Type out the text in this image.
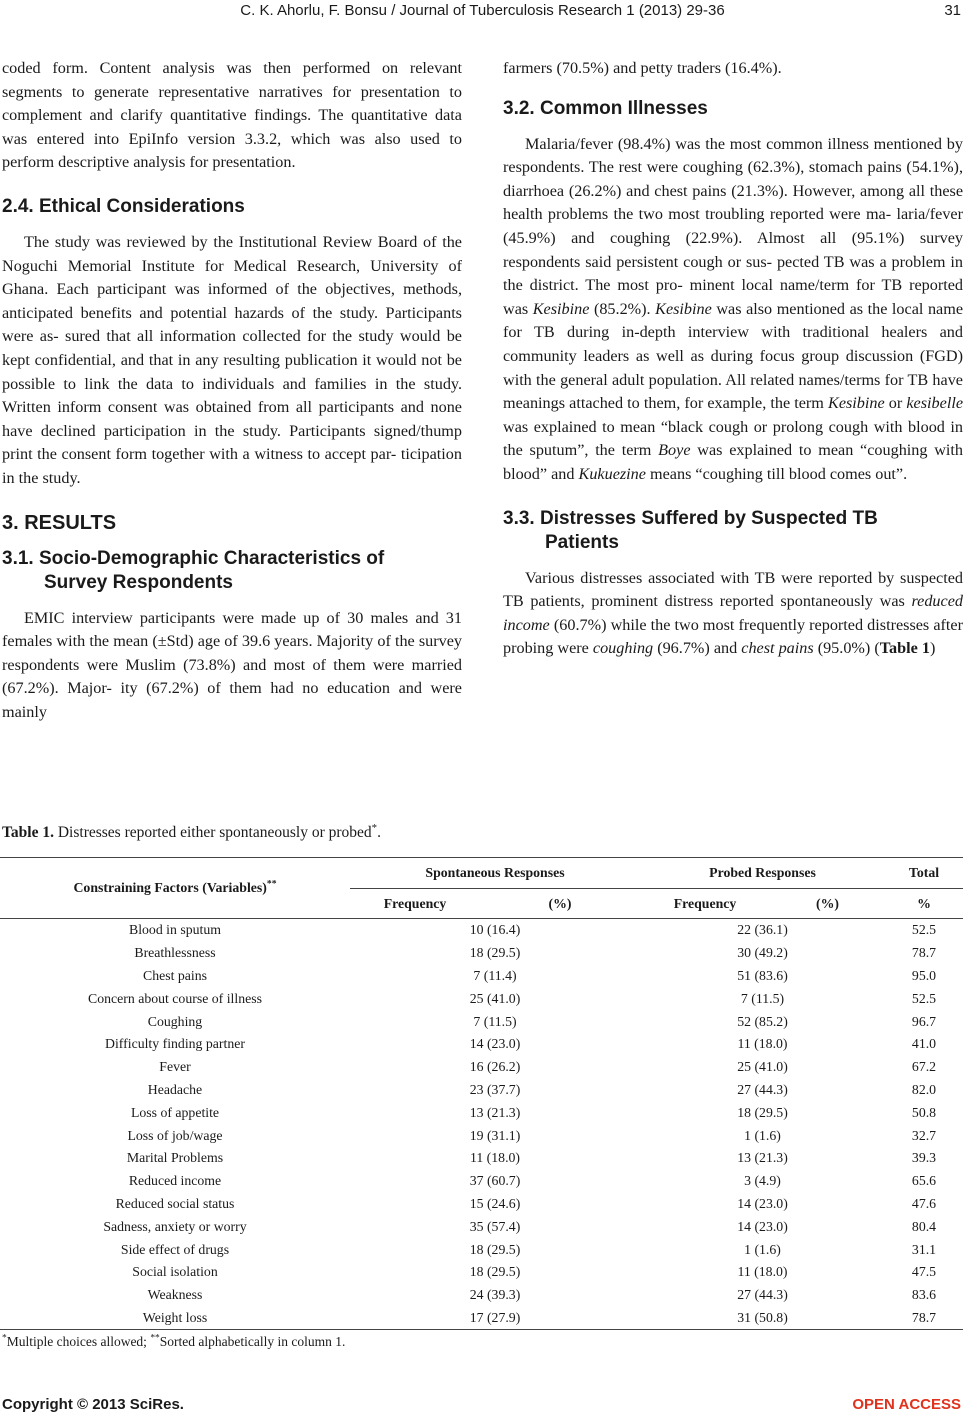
C. K. Ahorlu, F. Bonsu / Journal of Tuberculosis Research 1 (2013) 29-36	31

coded form. Content analysis was then performed on relevant segments to generate representative narratives for presentation to complement and clarify quantitative findings. The quantitative data was entered into EpiInfo version 3.3.2, which was also used to perform descriptive analysis for presentation.

2.4. Ethical Considerations

The study was reviewed by the Institutional Review Board of the Noguchi Memorial Institute for Medical Research, University of Ghana. Each participant was informed of the objectives, methods, anticipated benefits and potential hazards of the study. Participants were as- sured that all information collected for the study would be kept confidential, and that in any resulting publication it would not be possible to link the data to individuals and families in the study. Written inform consent was obtained from all participants and none have declined participation in the study. Participants signed/thump print the consent form together with a witness to accept par- ticipation in the study.

3. RESULTS
3.1. Socio-Demographic Characteristics of
Survey Respondents

EMIC interview participants were made up of 30 males and 31 females with the mean (±Std) age of 39.6 years. Majority of the survey respondents were Muslim (73.8%) and most of them were married (67.2%). Major- ity (67.2%) of them had no education and were mainly

farmers (70.5%) and petty traders (16.4%).

3.2. Common Illnesses

Malaria/fever (98.4%) was the most common illness mentioned by respondents. The rest were coughing (62.3%), stomach pains (54.1%), diarrhoea (26.2%) and chest pains (21.3%). However, among all these health problems the two most troubling reported were ma- laria/fever (45.9%) and coughing (22.9%). Almost all (95.1%) survey respondents said persistent cough or sus- pected TB was a problem in the district. The most pro- minent local name/term for TB reported was Kesibine (85.2%). Kesibine was also mentioned as the local name for TB during in-depth interview with traditional healers and community leaders as well as during focus group discussion (FGD) with the general adult population. All related names/terms for TB have meanings attached to them, for example, the term Kesibine or kesibelle was explained to mean “black cough or prolong cough with blood in the sputum”, the term Boye was explained to mean “coughing with blood” and Kukuezine means “coughing till blood comes out”.

3.3. Distresses Suffered by Suspected TB
Patients

Various distresses associated with TB were reported by suspected TB patients, prominent distress reported spontaneously was reduced income (60.7%) while the two most frequently reported distresses after probing were coughing (96.7%) and chest pains (95.0%) (Table 1)

Table 1. Distresses reported either spontaneously or probed*.
Constraining Factors (Variables)**	Spontaneous Responses		Probed Responses		Total
	Frequency	(%)	Frequency	(%)	%
Blood in sputum	10 (16.4)		22 (36.1)		52.5
Breathlessness	18 (29.5)		30 (49.2)		78.7
Chest pains	7 (11.4)		51 (83.6)		95.0
Concern about course of illness	25 (41.0)		7 (11.5)		52.5
Coughing	7 (11.5)		52 (85.2)		96.7
Difficulty finding partner	14 (23.0)		11 (18.0)		41.0
Fever	16 (26.2)		25 (41.0)		67.2
Headache	23 (37.7)		27 (44.3)		82.0
Loss of appetite	13 (21.3)		18 (29.5)		50.8
Loss of job/wage	19 (31.1)		1 (1.6)		32.7
Marital Problems	11 (18.0)		13 (21.3)		39.3
Reduced income	37 (60.7)		3 (4.9)		65.6
Reduced social status	15 (24.6)		14 (23.0)		47.6
Sadness, anxiety or worry	35 (57.4)		14 (23.0)		80.4
Side effect of drugs	18 (29.5)		1 (1.6)		31.1
Social isolation	18 (29.5)		11 (18.0)		47.5
Weakness	24 (39.3)		27 (44.3)		83.6
Weight loss	17 (27.9)		31 (50.8)		78.7
*Multiple choices allowed; **Sorted alphabetically in column 1.
Copyright © 2013 SciRes.	OPEN ACCESS
